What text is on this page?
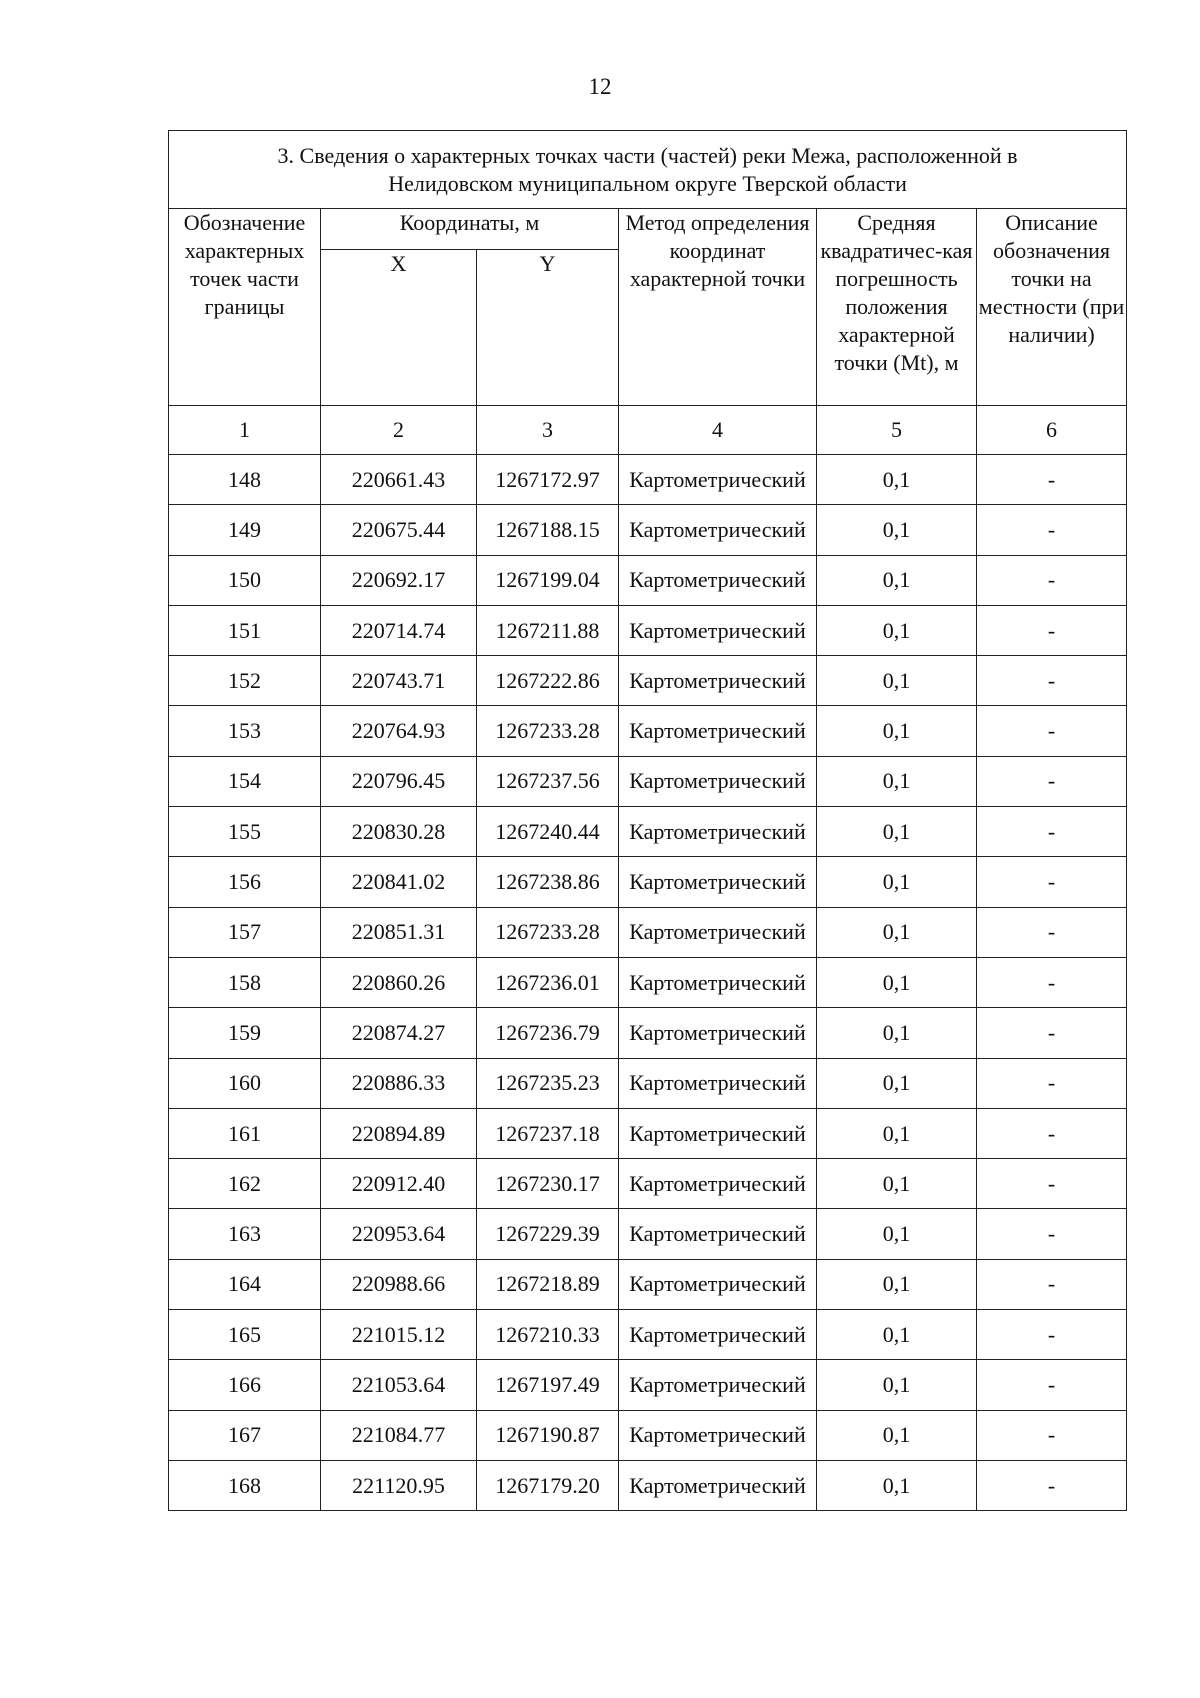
12
3. Сведения о характерных точках части (частей) реки Межа, расположенной в
Нелидовском муниципальном округе Тверской области					

Обозначение характерных точек части границы	Координаты, м		Метод определения координат характерной точки	Средняя квадратичес-кая погрешность положения характерной точки (Mt), м	Описание обозначения точки на местности (при наличии)
	X	Y			
1	2	3	4	5	6
148	220661.43	1267172.97	Картометрический	0,1	-
149	220675.44	1267188.15	Картометрический	0,1	-
150	220692.17	1267199.04	Картометрический	0,1	-
151	220714.74	1267211.88	Картометрический	0,1	-
152	220743.71	1267222.86	Картометрический	0,1	-
153	220764.93	1267233.28	Картометрический	0,1	-
154	220796.45	1267237.56	Картометрический	0,1	-
155	220830.28	1267240.44	Картометрический	0,1	-
156	220841.02	1267238.86	Картометрический	0,1	-
157	220851.31	1267233.28	Картометрический	0,1	-
158	220860.26	1267236.01	Картометрический	0,1	-
159	220874.27	1267236.79	Картометрический	0,1	-
160	220886.33	1267235.23	Картометрический	0,1	-
161	220894.89	1267237.18	Картометрический	0,1	-
162	220912.40	1267230.17	Картометрический	0,1	-
163	220953.64	1267229.39	Картометрический	0,1	-
164	220988.66	1267218.89	Картометрический	0,1	-
165	221015.12	1267210.33	Картометрический	0,1	-
166	221053.64	1267197.49	Картометрический	0,1	-
167	221084.77	1267190.87	Картометрический	0,1	-
168	221120.95	1267179.20	Картометрический	0,1	-
